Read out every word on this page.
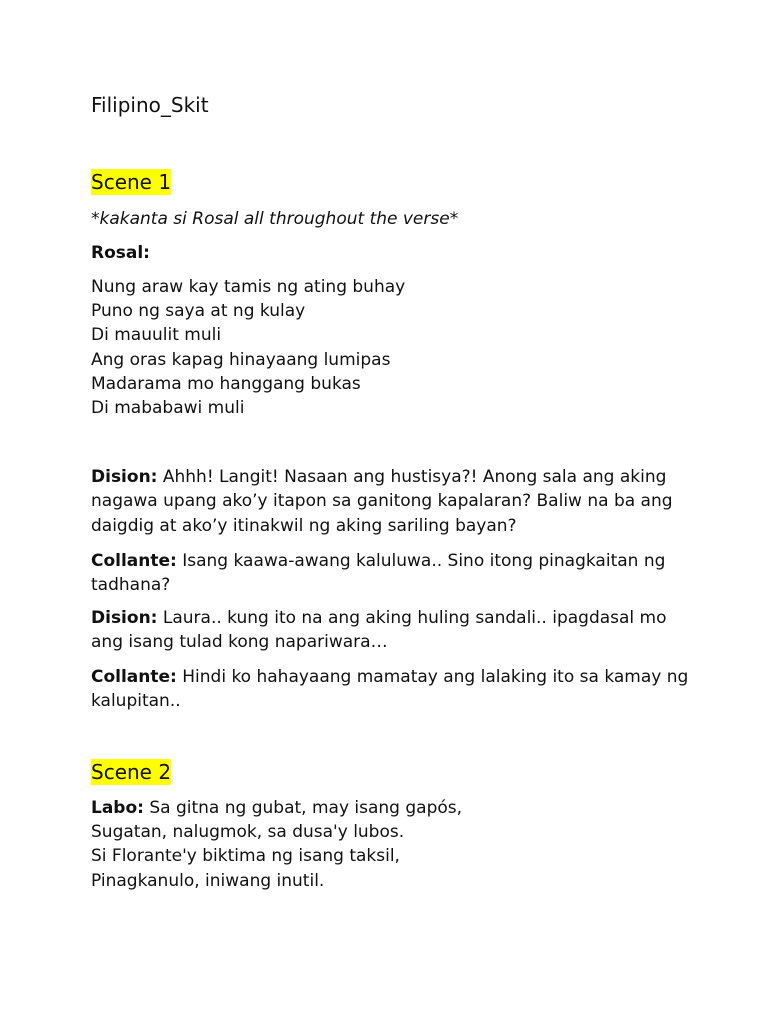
Filipino_Skit
Scene 1
*kakanta si Rosal all throughout the verse*
Rosal:
Nung araw kay tamis ng ating buhay
Puno ng saya at ng kulay
Di mauulit muli
Ang oras kapag hinayaang lumipas
Madarama mo hanggang bukas
Di mababawi muli
Dision: Ahhh! Langit! Nasaan ang hustisya?! Anong sala ang aking nagawa upang ako’y itapon sa ganitong kapalaran? Baliw na ba ang daigdig at ako’y itinakwil ng aking sariling bayan?
Collante: Isang kaawa-awang kaluluwa.. Sino itong pinagkaitan ng tadhana?
Dision: Laura.. kung ito na ang aking huling sandali.. ipagdasal mo ang isang tulad kong napariwara…
Collante: Hindi ko hahayaang mamatay ang lalaking ito sa kamay ng kalupitan..
Scene 2
Labo: Sa gitna ng gubat, may isang gapós,
Sugatan, nalugmok, sa dusa'y lubos.
Si Florante'y biktima ng isang taksil,
Pinagkanulo, iniwang inutil.
